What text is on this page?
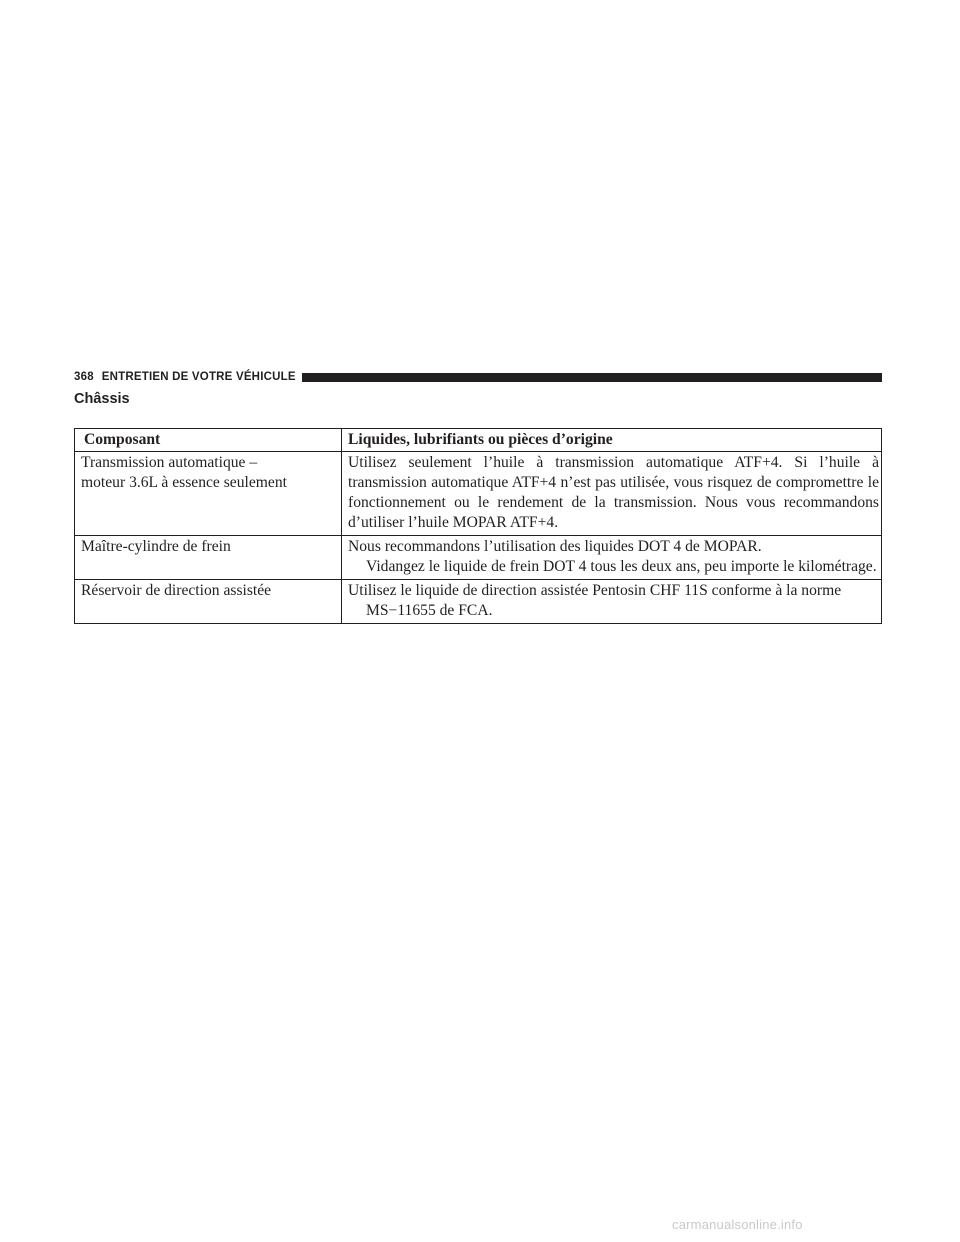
368 ENTRETIEN DE VOTRE VÉHICULE
Châssis
Composant	Liquides, lubrifiants ou pièces d’origine

Transmission automatique –
moteur 3.6L à essence seulement	Utilisez seulement l’huile à transmission automatique ATF+4. Si l’huile à transmission automatique ATF+4 n’est pas utilisée, vous risquez de compromettre le fonctionnement ou le rendement de la transmission. Nous vous recommandons d’utiliser l’huile MOPAR ATF+4.

Maître-cylindre de frein	Nous recommandons l’utilisation des liquides DOT 4 de MOPAR.
Vidangez le liquide de frein DOT 4 tous les deux ans, peu importe le kilométrage.

Réservoir de direction assistée	Utilisez le liquide de direction assistée Pentosin CHF 11S conforme à la norme
MS−11655 de FCA.
carmanualsonline.info
